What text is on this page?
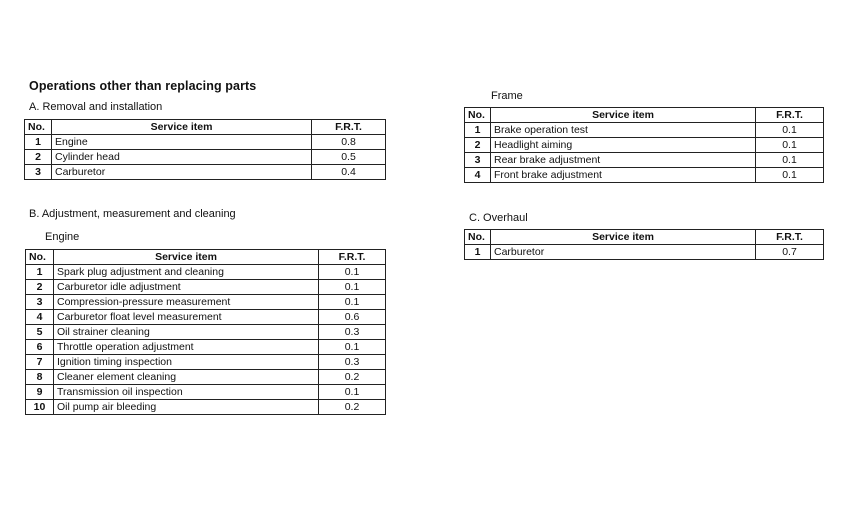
Operations other than replacing parts
A. Removal and installation
No.	Service item	F.R.T.
1	Engine	0.8
2	Cylinder head	0.5
3	Carburetor	0.4
B. Adjustment, measurement and cleaning
Engine
No.	Service item	F.R.T.
1	Spark plug adjustment and cleaning	0.1
2	Carburetor idle adjustment	0.1
3	Compression-pressure measurement	0.1
4	Carburetor float level measurement	0.6
5	Oil strainer cleaning	0.3
6	Throttle operation adjustment	0.1
7	Ignition timing inspection	0.3
8	Cleaner element cleaning	0.2
9	Transmission oil inspection	0.1
10	Oil pump air bleeding	0.2
Frame
No.	Service item	F.R.T.
1	Brake operation test	0.1
2	Headlight aiming	0.1
3	Rear brake adjustment	0.1
4	Front brake adjustment	0.1
C. Overhaul
No.	Service item	F.R.T.
1	Carburetor	0.7
